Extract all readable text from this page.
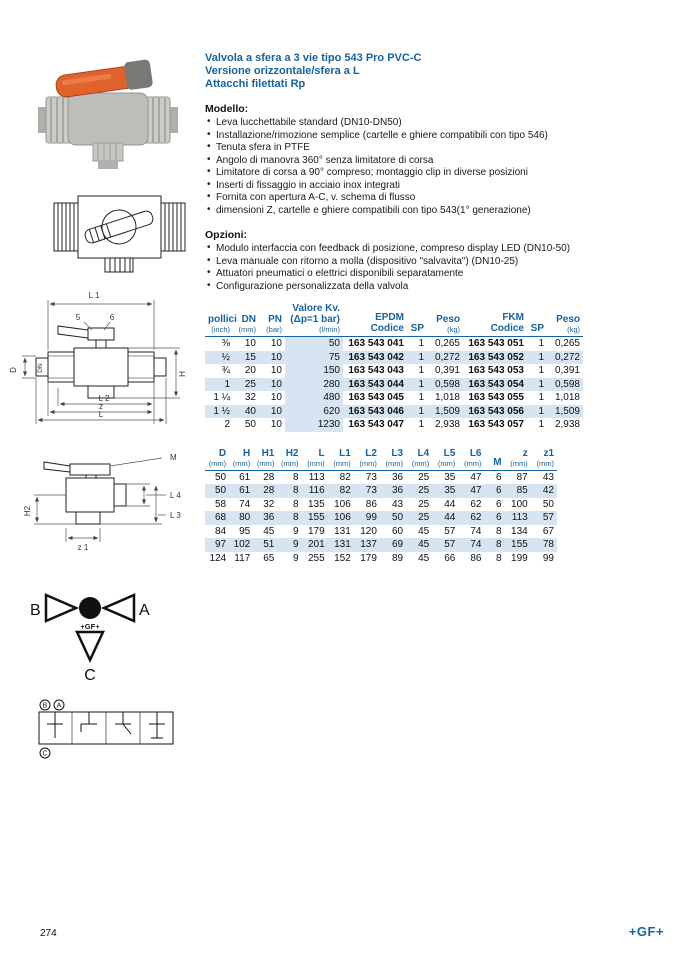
L 1
5	6
D	DN
H
L 2
z
L
H2
M
L 4
L 3
z 1
B	A
C
+GF+
B A
C
Valvola a sfera a 3 vie tipo 543 Pro PVC-C
Versione orizzontale/sfera a L
Attacchi filettati Rp
Modello:
• Leva lucchettabile standard (DN10-DN50)
• Installazione/rimozione semplice (cartelle e ghiere compatibili con tipo 546)
• Tenuta sfera in PTFE
• Angolo di manovra 360° senza limitatore di corsa
• Limitatore di corsa a 90° compreso; montaggio clip in diverse posizioni
• Inserti di fissaggio in acciaio inox integrati
• Fornita con apertura A-C, v. schema di flusso
• dimensioni Z, cartelle e ghiere compatibili con tipo 543(1° generazione)
Opzioni:
• Modulo interfaccia con feedback di posizione, compreso display LED (DN10-50)
• Leva manuale con ritorno a molla (dispositivo "salvavita") (DN10-25)
• Attuatori pneumatici o elettrici disponibili separatamente
• Configurazione personalizzata della valvola
pollici
(inch)

DN
(mm)

PN
(bar)

Valore Kv.
(Δp=1 bar)
(l/min)

EPDM
Codice	SP

Peso
(kg)

FKM
Codice	SP

Peso
(kg)

⅜	10	10	50	163 543 041	1	0,265	163 543 051	1	0,265
½	15	10	75	163 543 042	1	0,272	163 543 052	1	0,272
¾	20	10	150	163 543 043	1	0,391	163 543 053	1	0,391
1	25	10	280	163 543 044	1	0,598	163 543 054	1	0,598
1 ¼	32	10	480	163 543 045	1	1,018	163 543 055	1	1,018
1 ½	40	10	620	163 543 046	1	1,509	163 543 056	1	1,509
2	50	10	1230	163 543 047	1	2,938	163 543 057	1	2,938
D
(mm)

H
(mm)

H1
(mm)

H2
(mm)

L
(mm)

L1
(mm)

L2
(mm)

L3
(mm)

L4
(mm)

L5
(mm)

L6
(mm)	M

z
(mm)

z1
(mm)

50	61	28	8	113	82	73	36	25	35	47	6	87	43
50	61	28	8	116	82	73	36	25	35	47	6	85	42
58	74	32	8	135	106	86	43	25	44	62	6	100	50
68	80	36	8	155	106	99	50	25	44	62	6	113	57
84	95	45	9	179	131	120	60	45	57	74	8	134	67
97	102	51	9	201	131	137	69	45	57	74	8	155	78
124	117	65	9	255	152	179	89	45	66	86	8	199	99
274	+GF+
